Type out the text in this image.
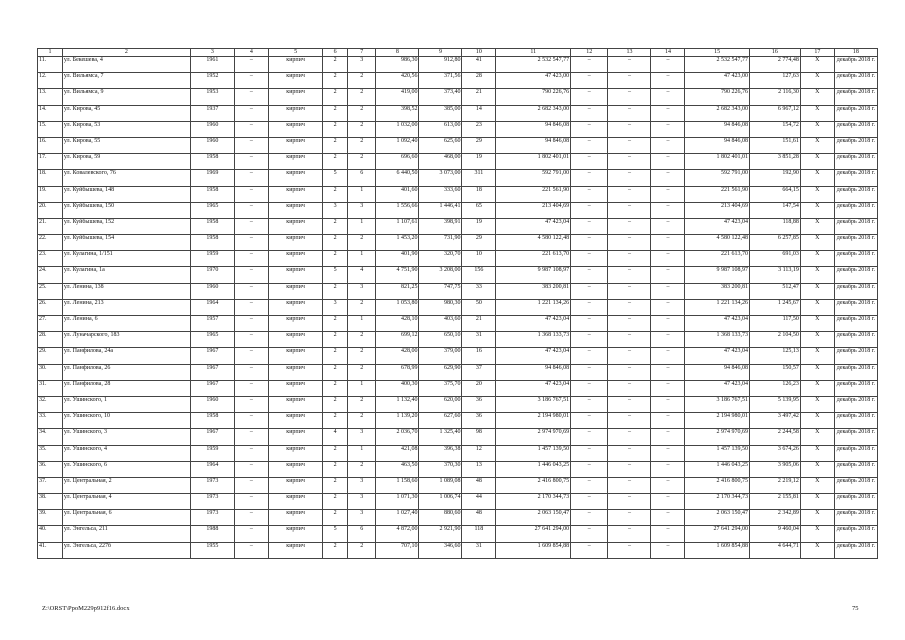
1	2	3	4	5	6	7	8	9	10	11	12	13	14	15	16	17	18
11.	ул. Бекешева, 4	1961	–	кирпич	2	3	986,30	912,80	41	2 532 547,77	–	–	–	2 532 547,77	2 774,48	X	декабрь 2018 г.
12.	ул. Вильямса, 7	1952	–	кирпич	2	2	420,56	371,56	28	47 423,00	–	–	–	47 423,00	127,63	X	декабрь 2018 г.
13.	ул. Вильямса, 9	1953	–	кирпич	2	2	419,00	373,40	21	790 226,76	–	–	–	790 226,76	2 116,30	X	декабрь 2018 г.
14.	ул. Кирова, 45	1937	–	кирпич	2	2	398,52	385,00	14	2 682 343,00	–	–	–	2 682 343,00	6 967,12	X	декабрь 2018 г.
15.	ул. Кирова, 53	1960	–	кирпич	2	2	1 032,00	613,00	23	94 846,08	–	–	–	94 846,08	154,72	X	декабрь 2018 г.
16.	ул. Кирова, 55	1960	–	кирпич	2	2	1 092,40	625,60	29	94 846,08	–	–	–	94 846,08	151,61	X	декабрь 2018 г.
17.	ул. Кирова, 59	1958	–	кирпич	2	2	696,60	468,00	19	1 802 401,01	–	–	–	1 802 401,01	3 851,28	X	декабрь 2018 г.
18.	ул. Ковалевского, 76	1969	–	кирпич	5	6	6 440,50	3 073,00	311	592 791,00	–	–	–	592 791,00	192,90	X	декабрь 2018 г.
19.	ул. Куйбышева, 148	1958	–	кирпич	2	1	401,60	333,60	18	221 561,90	–	–	–	221 561,90	664,15	X	декабрь 2018 г.
20.	ул. Куйбышева, 150	1965	–	кирпич	3	3	1 556,66	1 446,41	65	213 404,69	–	–	–	213 404,69	147,54	X	декабрь 2018 г.
21.	ул. Куйбышева, 152	1958	–	кирпич	2	1	1 107,61	398,91	19	47 423,04	–	–	–	47 423,04	118,88	X	декабрь 2018 г.
22.	ул. Куйбышева, 154	1958	–	кирпич	2	2	1 453,20	731,90	29	4 580 122,48	–	–	–	4 580 122,48	6 257,85	X	декабрь 2018 г.
23.	ул. Кулагина, 1/151	1959	–	кирпич	2	1	401,90	320,70	10	221 613,70	–	–	–	221 613,70	691,03	X	декабрь 2018 г.
24.	ул. Кулагина, 1а	1970	–	кирпич	5	4	4 751,90	3 208,00	156	9 987 108,97	–	–	–	9 987 108,97	3 113,19	X	декабрь 2018 г.
25.	ул. Ленина, 138	1960	–	кирпич	2	3	821,25	747,75	33	383 200,81	–	–	–	383 200,81	512,47	X	декабрь 2018 г.
26.	ул. Ленина, 213	1964	–	кирпич	3	2	1 053,80	980,30	50	1 221 134,26	–	–	–	1 221 134,26	1 245,67	X	декабрь 2018 г.
27.	ул. Ленина, 6	1957	–	кирпич	2	1	428,10	403,60	21	47 423,04	–	–	–	47 423,04	117,50	X	декабрь 2018 г.
28.	ул. Луначарского, 183	1965	–	кирпич	2	2	699,12	650,10	31	1 368 133,73	–	–	–	1 368 133,73	2 104,50	X	декабрь 2018 г.
29.	ул. Панфилова, 24а	1967	–	кирпич	2	2	428,00	379,00	16	47 423,04	–	–	–	47 423,04	125,13	X	декабрь 2018 г.
30.	ул. Панфилова, 26	1967	–	кирпич	2	2	678,99	629,90	37	94 846,08	–	–	–	94 846,08	150,57	X	декабрь 2018 г.
31.	ул. Панфилова, 28	1967	–	кирпич	2	1	400,30	375,70	20	47 423,04	–	–	–	47 423,04	126,23	X	декабрь 2018 г.
32.	ул. Ушинского, 1	1960	–	кирпич	2	2	1 132,40	620,00	36	3 186 767,51	–	–	–	3 186 767,51	5 139,95	X	декабрь 2018 г.
33.	ул. Ушинского, 10	1958	–	кирпич	2	2	1 139,20	627,60	36	2 194 980,01	–	–	–	2 194 980,01	3 497,42	X	декабрь 2018 г.
34.	ул. Ушинского, 3	1967	–	кирпич	4	3	2 036,70	1 325,40	98	2 974 970,69	–	–	–	2 974 970,69	2 244,58	X	декабрь 2018 г.
35.	ул. Ушинского, 4	1959	–	кирпич	2	1	421,08	396,38	12	1 457 139,50	–	–	–	1 457 139,50	3 674,26	X	декабрь 2018 г.
36.	ул. Ушинского, 6	1964	–	кирпич	2	2	463,50	370,30	13	1 446 043,25	–	–	–	1 446 043,25	3 905,06	X	декабрь 2018 г.
37.	ул. Центральная, 2	1973	–	кирпич	2	3	1 158,60	1 089,08	48	2 416 800,75	–	–	–	2 416 800,75	2 219,12	X	декабрь 2018 г.
38.	ул. Центральная, 4	1973	–	кирпич	2	3	1 071,30	1 006,74	44	2 170 344,73	–	–	–	2 170 344,73	2 155,81	X	декабрь 2018 г.
39.	ул. Центральная, 6	1973	–	кирпич	2	3	1 027,40	880,60	48	2 063 150,47	–	–	–	2 063 150,47	2 342,89	X	декабрь 2018 г.
40.	ул. Энгельса, 211	1988	–	кирпич	5	6	4 872,00	2 921,90	118	27 641 294,00	–	–	–	27 641 294,00	9 460,04	X	декабрь 2018 г.
41.	ул. Энгельса, 227б	1955	–	кирпич	2	2	707,10	346,60	31	1 609 854,88	–	–	–	1 609 854,88	4 644,71	X	декабрь 2018 г.
Z:\ORST\PpoM229p912f16.docx	75
